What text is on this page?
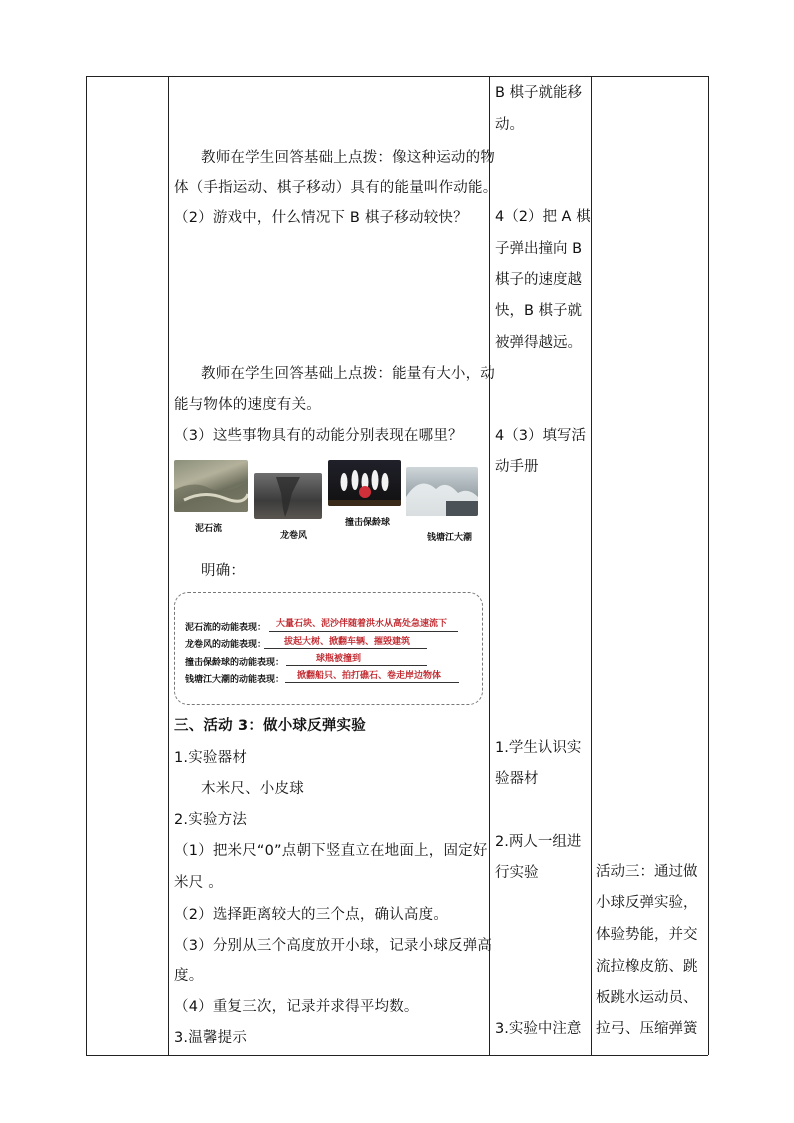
教师在学生回答基础上点拨：像这种运动的物
体（手指运动、棋子移动）具有的能量叫作动能。
（2）游戏中，什么情况下 B 棋子移动较快？
教师在学生回答基础上点拨：能量有大小，动
能与物体的速度有关。
（3）这些事物具有的动能分别表现在哪里？
泥石流
龙卷风
撞击保龄球
钱塘江大潮
明确：
泥石流的动能表现： 大量石块、泥沙伴随着洪水从高处急速流下
龙卷风的动能表现： 拔起大树、掀翻车辆、摧毁建筑
撞击保龄球的动能表现：	球瓶被撞到
钱塘江大潮的动能表现： 掀翻船只、拍打礁石、卷走岸边物体
三、活动 3：做小球反弹实验
1.实验器材
木米尺、小皮球
2.实验方法
（1）把米尺“0”点朝下竖直立在地面上，固定好
米尺 。
（2）选择距离较大的三个点，确认高度。
（3）分别从三个高度放开小球，记录小球反弹高
度。
（4）重复三次，记录并求得平均数。
3.温馨提示
B 棋子就能移
动。
4（2）把 A 棋
子弹出撞向 B
棋子的速度越
快，B 棋子就
被弹得越远。
4（3）填写活
动手册
1.学生认识实
验器材
2.两人一组进
行实验
3.实验中注意
活动三：通过做
小球反弹实验，
体验势能，并交
流拉橡皮筋、跳
板跳水运动员、
拉弓、压缩弹簧
